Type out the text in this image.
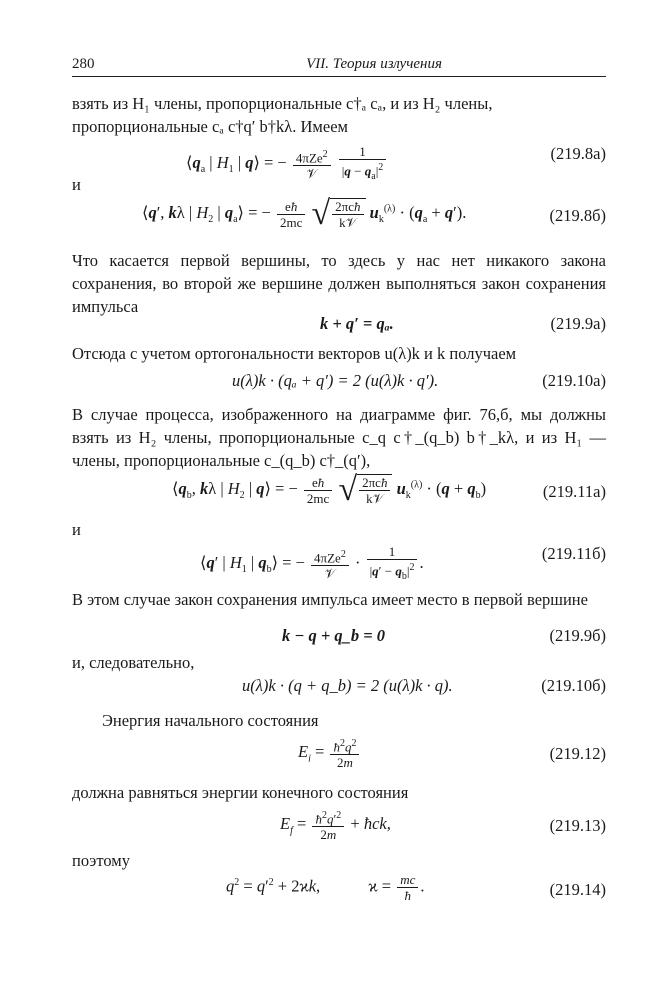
280	VII. Теория излучения

взять из H₁ члены, пропорциональные c†ₐ cₐ, и из H₂ члены,

пропорциональные cₐ c†q′ b†kλ. Имеем

$⟨q_a$ | $H_1$ | q⟩ = − $\frac{4\pi Ze^2}{\text{𝒱}}$
$\frac{1}{|q - q_a|^2}$	(219.8a)
и
⟨q′, kλ | $H_2$ | $q_a⟩$ = − $\frac{eħ}{2mc}$ √ $\frac{\text{2πcħ}}{\text{k𝒱}} u_k^{(\lambda)} \cdot (q_a + q')$.	(219.8б)

Что касается первой вершины, то здесь у нас нет никакого закона сохранения, во второй же вершине должен выполняться закон сохранения импульса

k + q′ = qₐ.	(219.9a)

Отсюда с учетом ортогональности векторов u(λ)k и k получаем

u(λ)k · (qₐ + q′) = 2 (u(λ)k · q′).	(219.10a)

В случае процесса, изображенного на диаграмме фиг. 76,б, мы должны взять из H₂ члены, пропорциональные c_q c†_(q_b) b†_kλ, и из H₁ — члены, пропорциональные c_(q_b) c†_(q′),

$⟨q_b$, kλ | $H_2$ | q⟩ = − $\frac{eħ}{2mc}$ √ $\frac{\text{2πcħ}}{\text{k𝒱}} u_k^{(\lambda)} \cdot (q + q_b)$	(219.11a)
и
⟨q′ | $H_1$ | $q_b⟩$ = − $\frac{4\pi Ze^2}{\text{𝒱}} \cdot \frac{1}{|q' - q_b|^2}$ .	(219.11б)

В этом случае закон сохранения импульса имеет место в первой вершине

k − q + q_b = 0	(219.9б)

и, следовательно,

u(λ)k · (q + q_b) = 2 (u(λ)k · q).	(219.10б)

Энергия начального состояния

$E_i = \frac{ħ^2q^2}{2m}$	(219.12)

должна равняться энергии конечного состояния

$E_f = \frac{ħ^2q'^2}{2m}$ + ħck,	(219.13)

поэтому

$q^2 = q'^2 + 2ϰk$,  $ϰ = \frac{mc}{ħ}$ .	(219.14)
